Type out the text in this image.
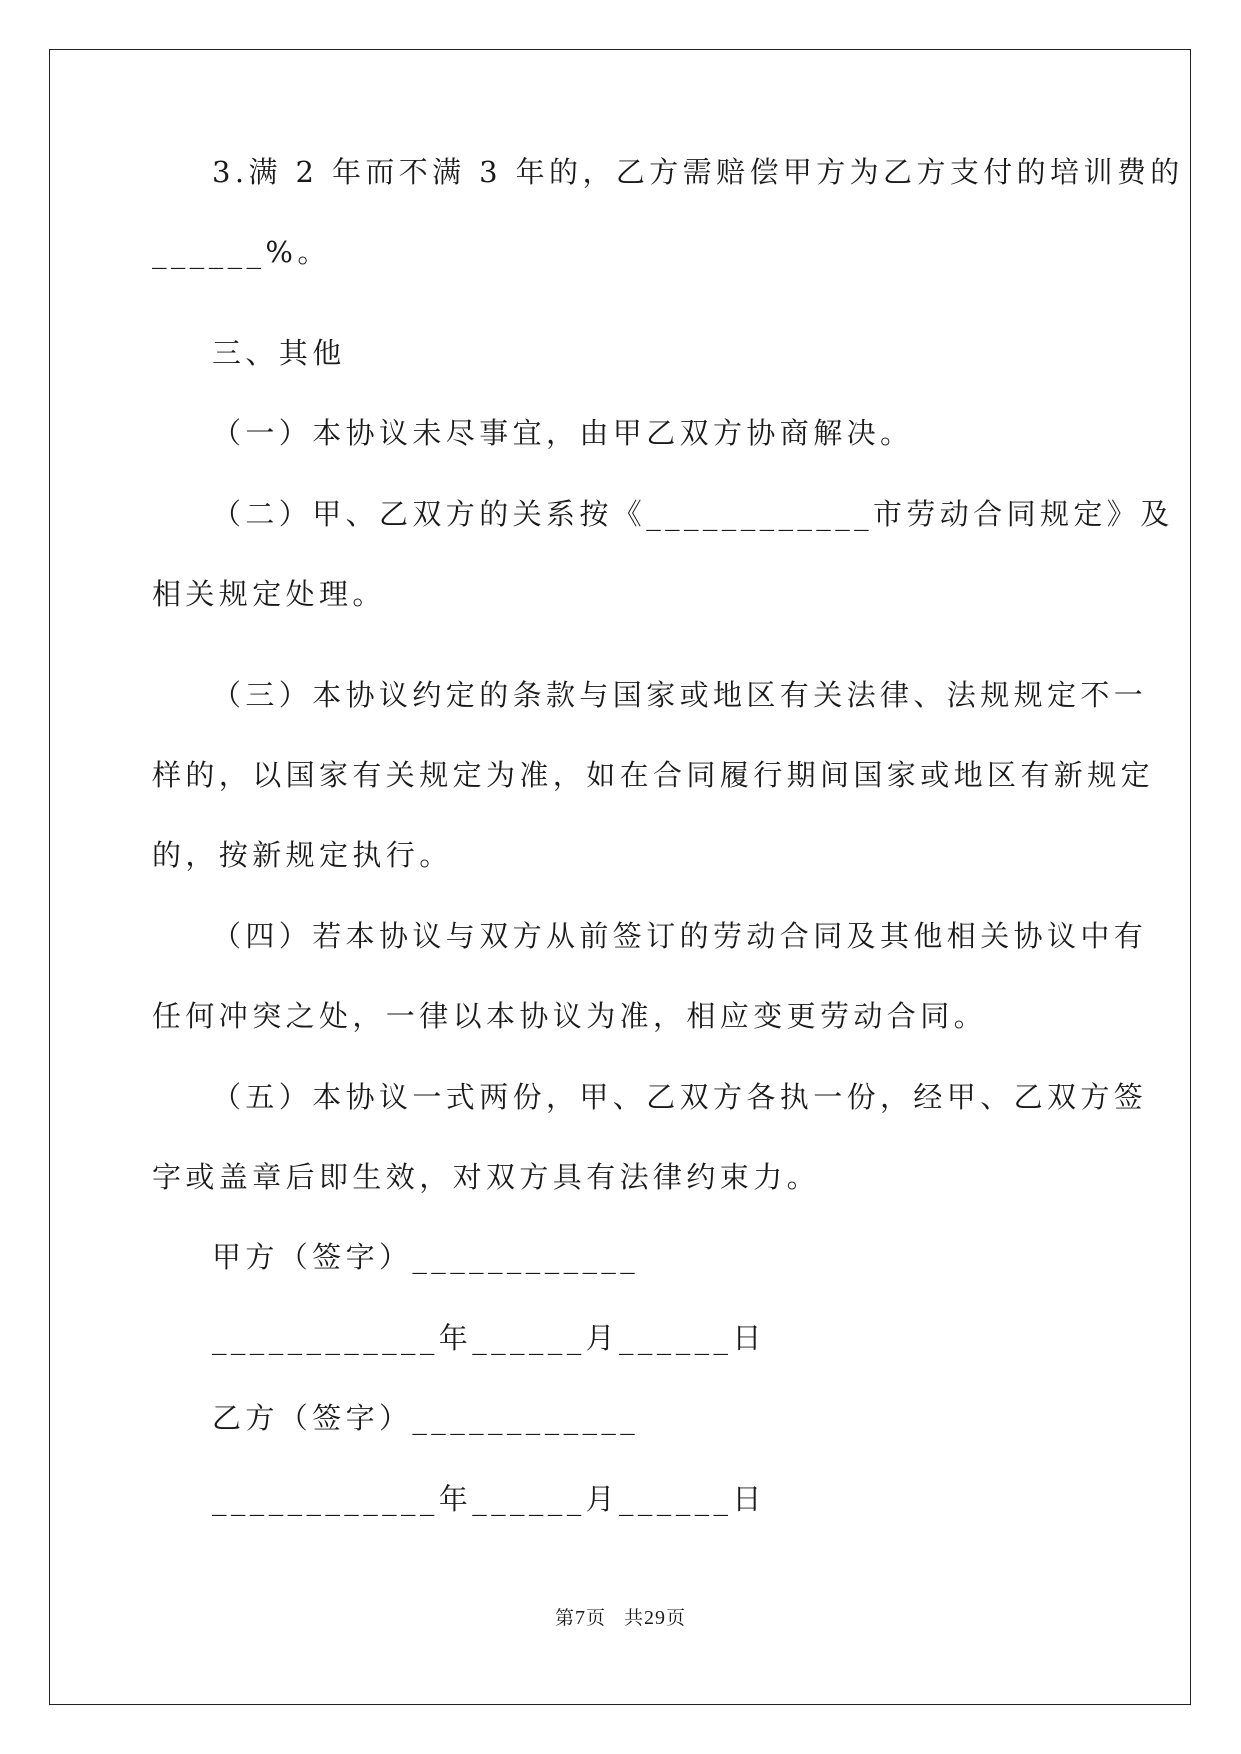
3.满 2 年而不满 3 年的，乙方需赔偿甲方为乙方支付的培训费的
______%。
三、其他
（一）本协议未尽事宜，由甲乙双方协商解决。
（二）甲、乙双方的关系按《____________市劳动合同规定》及
相关规定处理。
（三）本协议约定的条款与国家或地区有关法律、法规规定不一
样的，以国家有关规定为准，如在合同履行期间国家或地区有新规定
的，按新规定执行。
（四）若本协议与双方从前签订的劳动合同及其他相关协议中有
任何冲突之处，一律以本协议为准，相应变更劳动合同。
（五）本协议一式两份，甲、乙双方各执一份，经甲、乙双方签
字或盖章后即生效，对双方具有法律约束力。
甲方（签字）____________
____________年______月______日
乙方（签字）____________
____________年______月______日
第7页 共29页
